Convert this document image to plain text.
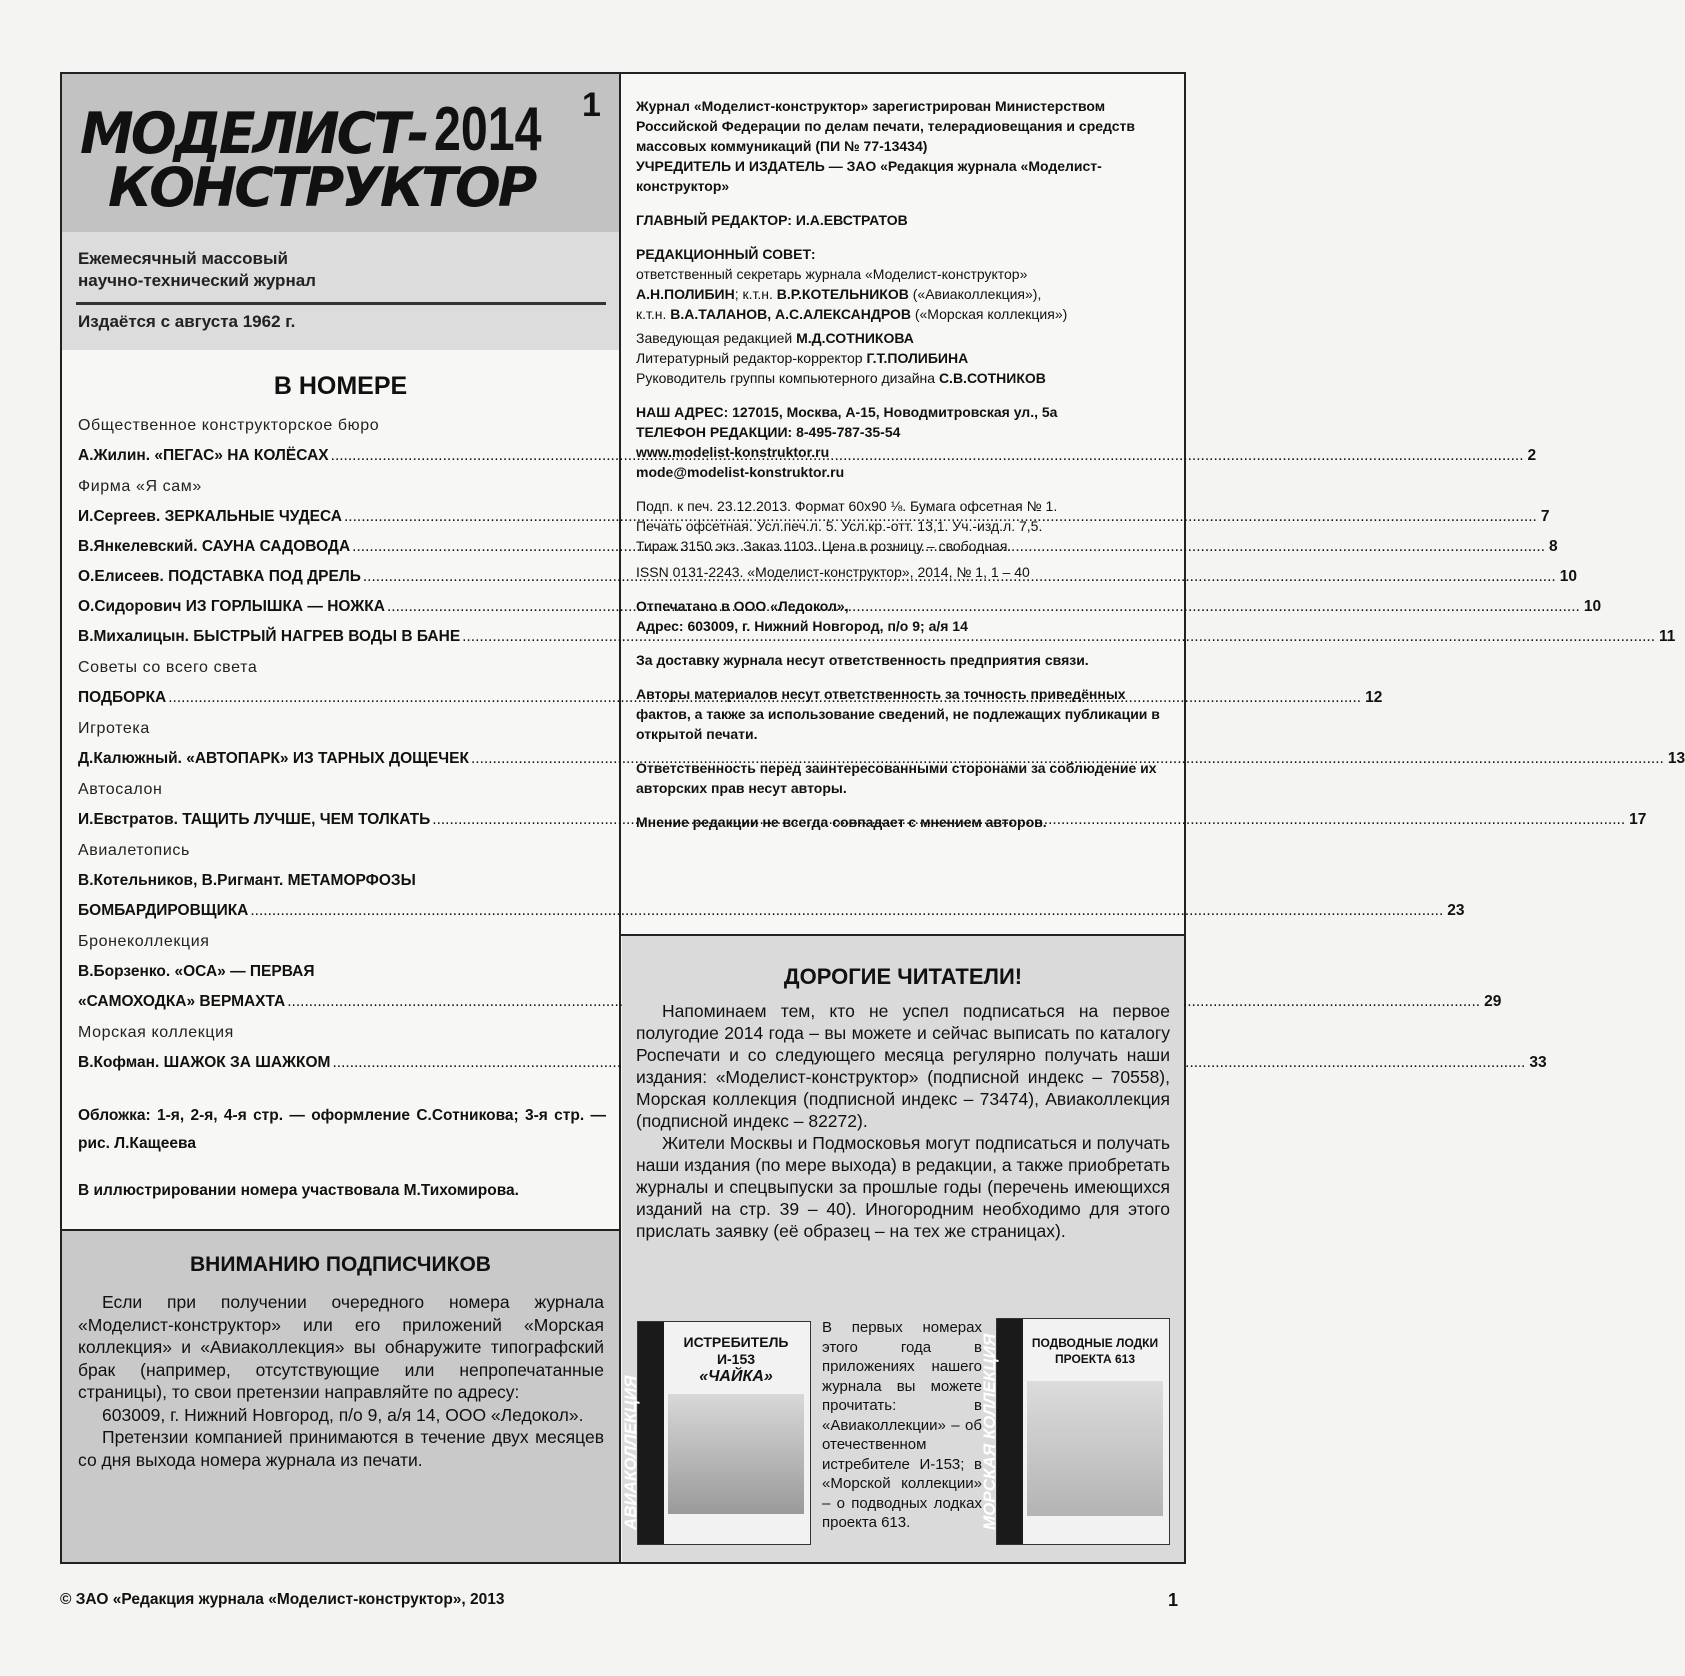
МОДЕЛИСТ-
КОНСТРУКТОР
2014 1
Ежемесячный массовый
научно-технический журнал
Издаётся с августа 1962 г.
В НОМЕРЕ
Общественное конструкторское бюро
А.Жилин. «ПЕГАС» НА КОЛЁСАХ .....	2
Фирма «Я сам»
И.Сергеев. ЗЕРКАЛЬНЫЕ ЧУДЕСА .....	7
В.Янкелевский. САУНА САДОВОДА .....	8
О.Елисеев. ПОДСТАВКА ПОД ДРЕЛЬ .....	10
О.Сидорович ИЗ ГОРЛЫШКА — НОЖКА .....	10
В.Михалицын. БЫСТРЫЙ НАГРЕВ ВОДЫ В БАНЕ .....	11
Советы со всего света
ПОДБОРКА .....	12
Игротека
Д.Калюжный. «АВТОПАРК» ИЗ ТАРНЫХ ДОЩЕЧЕК .....	13
Автосалон
И.Евстратов. ТАЩИТЬ ЛУЧШЕ, ЧЕМ ТОЛКАТЬ .....	17
Авиалетопись
В.Котельников, В.Ригмант. МЕТАМОРФОЗЫ
БОМБАРДИРОВЩИКА .....	23
Бронеколлекция
В.Борзенко. «ОСА» — ПЕРВАЯ
«САМОХОДКА» ВЕРМАХТА .....	29
Морская коллекция
В.Кофман. ШАЖОК ЗА ШАЖКОМ .....	33
Обложка: 1-я, 2-я, 4-я стр. — оформление С.Сотникова; 3-я стр. — рис. Л.Кащеева
В иллюстрировании номера участвовала М.Тихомирова.
ВНИМАНИЮ ПОДПИСЧИКОВ

Если при получении очередного номера журнала «Моделист-конструктор» или его приложений «Морская коллекция» и «Авиаколлекция» вы обнаружите типографский брак (например, отсутствующие или непропечатанные страницы), то свои претензии направляйте по адресу:

603009, г. Нижний Новгород, п/о 9, а/я 14, ООО «Ледокол».

Претензии компанией принимаются в течение двух месяцев со дня выхода номера журнала из печати.

Журнал «Моделист-конструктор» зарегистрирован Министерством Российской Федерации по делам печати, телерадиовещания и средств массовых коммуникаций (ПИ № 77-13434)

УЧРЕДИТЕЛЬ И ИЗДАТЕЛЬ — ЗАО «Редакция журнала «Моделист-конструктор»

ГЛАВНЫЙ РЕДАКТОР: И.А.ЕВСТРАТОВ

РЕДАКЦИОННЫЙ СОВЕТ:

ответственный секретарь журнала «Моделист-конструктор»

А.Н.ПОЛИБИН; к.т.н. В.Р.КОТЕЛЬНИКОВ («Авиаколлекция»),

к.т.н. В.А.ТАЛАНОВ, А.С.АЛЕКСАНДРОВ («Морская коллекция»)

Заведующая редакцией М.Д.СОТНИКОВА

Литературный редактор-корректор Г.Т.ПОЛИБИНА

Руководитель группы компьютерного дизайна С.В.СОТНИКОВ

НАШ АДРЕС: 127015, Москва, А-15, Новодмитровская ул., 5а

ТЕЛЕФОН РЕДАКЦИИ: 8-495-787-35-54

www.modelist-konstruktor.ru

mode@modelist-konstruktor.ru

Подп. к печ. 23.12.2013. Формат 60х90 ⅛. Бумага офсетная № 1.

Печать офсетная. Усл.печ.л. 5. Усл.кр.-отт. 13,1. Уч.-изд.л. 7,5.

Тираж 3150 экз. Заказ 1103. Цена в розницу – свободная.

ISSN 0131-2243. «Моделист-конструктор», 2014, № 1, 1 – 40

Отпечатано в ООО «Ледокол»,

Адрес: 603009, г. Нижний Новгород, п/о 9; а/я 14

За доставку журнала несут ответственность предприятия связи.

Авторы материалов несут ответственность за точность приведённых фактов, а также за использование сведений, не подлежащих публикации в открытой печати.

Ответственность перед заинтересованными сторонами за соблюдение их авторских прав несут авторы.

Мнение редакции не всегда совпадает с мнением авторов.

ДОРОГИЕ ЧИТАТЕЛИ!

Напоминаем тем, кто не успел подписаться на первое полугодие 2014 года – вы можете и сейчас выписать по каталогу Роспечати и со следующего месяца регулярно получать наши издания: «Моделист-конструктор» (подписной индекс – 70558), Морская коллекция (подписной индекс – 73474), Авиаколлекция (подписной индекс – 82272).

Жители Москвы и Подмосковья могут подписаться и получать наши издания (по мере выхода) в редакции, а также приобретать журналы и спецвыпуски за прошлые годы (перечень имеющихся изданий на стр. 39 – 40). Иногородним необходимо для этого прислать заявку (её образец – на тех же страницах).

АВИАКОЛЛЕКЦИЯ
ИСТРЕБИТЕЛЬ
И-153
«ЧАЙКА»
В первых номерах этого года в приложениях нашего журнала вы можете прочитать: в «Авиаколлекции» – об отечественном истребителе И-153; в «Морской коллекции» – о подводных лодках проекта 613.	МОРСКАЯ КОЛЛЕКЦИЯ	ПОДВОДНЫЕ ЛОДКИ
ПРОЕКТА 613
© ЗАО «Редакция журнала «Моделист-конструктор», 2013	1
